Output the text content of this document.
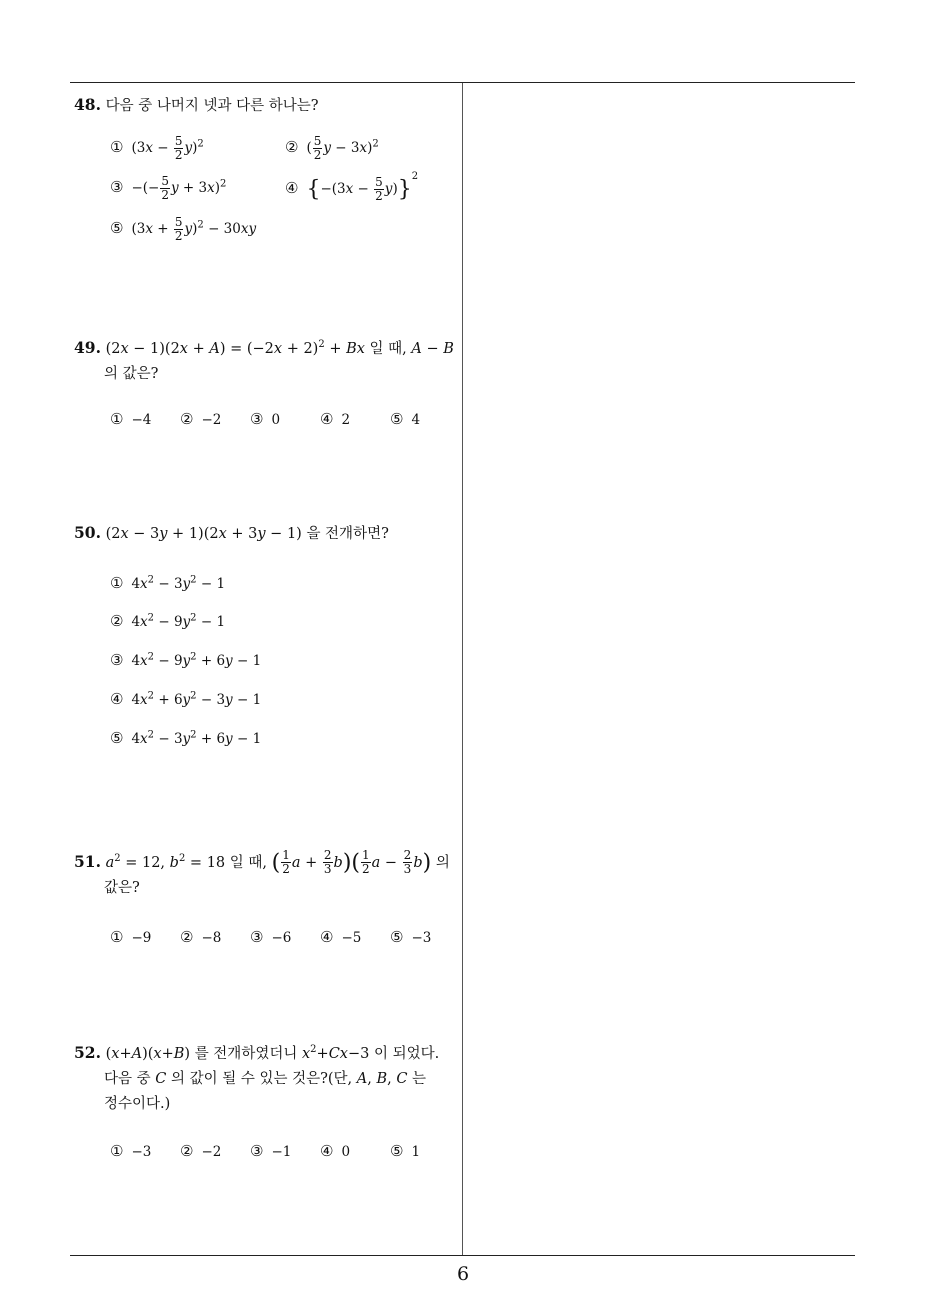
6
48. 다음 중 나머지 넷과 다른 하나는?
① $(3x - \frac{5}{2} y)^2$	② ( $\frac{5}{2}$ y − 3x)$^2$
③ −(− $\frac{5}{2}$ y + 3x)$^2$	④ $\{-(3x - \frac{5}{2} y)\}^2$
⑤ $(3x + \frac{5}{2} y)^2 - 30xy$
49. $(2x - 1)(2x + A) = (-2x + 2)^2 + Bx$ 일 때, A − B
의 값은?
① −4 ② −2 ③ 0	④ 2	⑤ 4
50. (2x − 3y + 1)(2x + 3y − 1) 을 전개하면?
① $4x^2 - 3y^2 - 1$
② $4x^2 - 9y^2 - 1$
③ $4x^2 - 9y^2 + 6y - 1$
④ $4x^2 + 6y^2 - 3y - 1$
⑤ $4x^2 - 3y^2 + 6y - 1$
51. $a^2 = 12$, $b^2 = 18$ 일 때, ( $\frac{1}{2}$ $a + \frac{2}{3} b)( \frac{1}{2}$ $a - \frac{2}{3} b$) 의
값은?
① −9 ② −8 ③ −6 ④ −5 ⑤ −3
52. (x+A)(x+B) 를 전개하였더니 $x^2+Cx-3$ 이 되었다.
다음 중 C 의 값이 될 수 있는 것은?(단, A, B, C 는
정수이다.)
① −3 ② −2 ③ −1 ④ 0	⑤ 1
